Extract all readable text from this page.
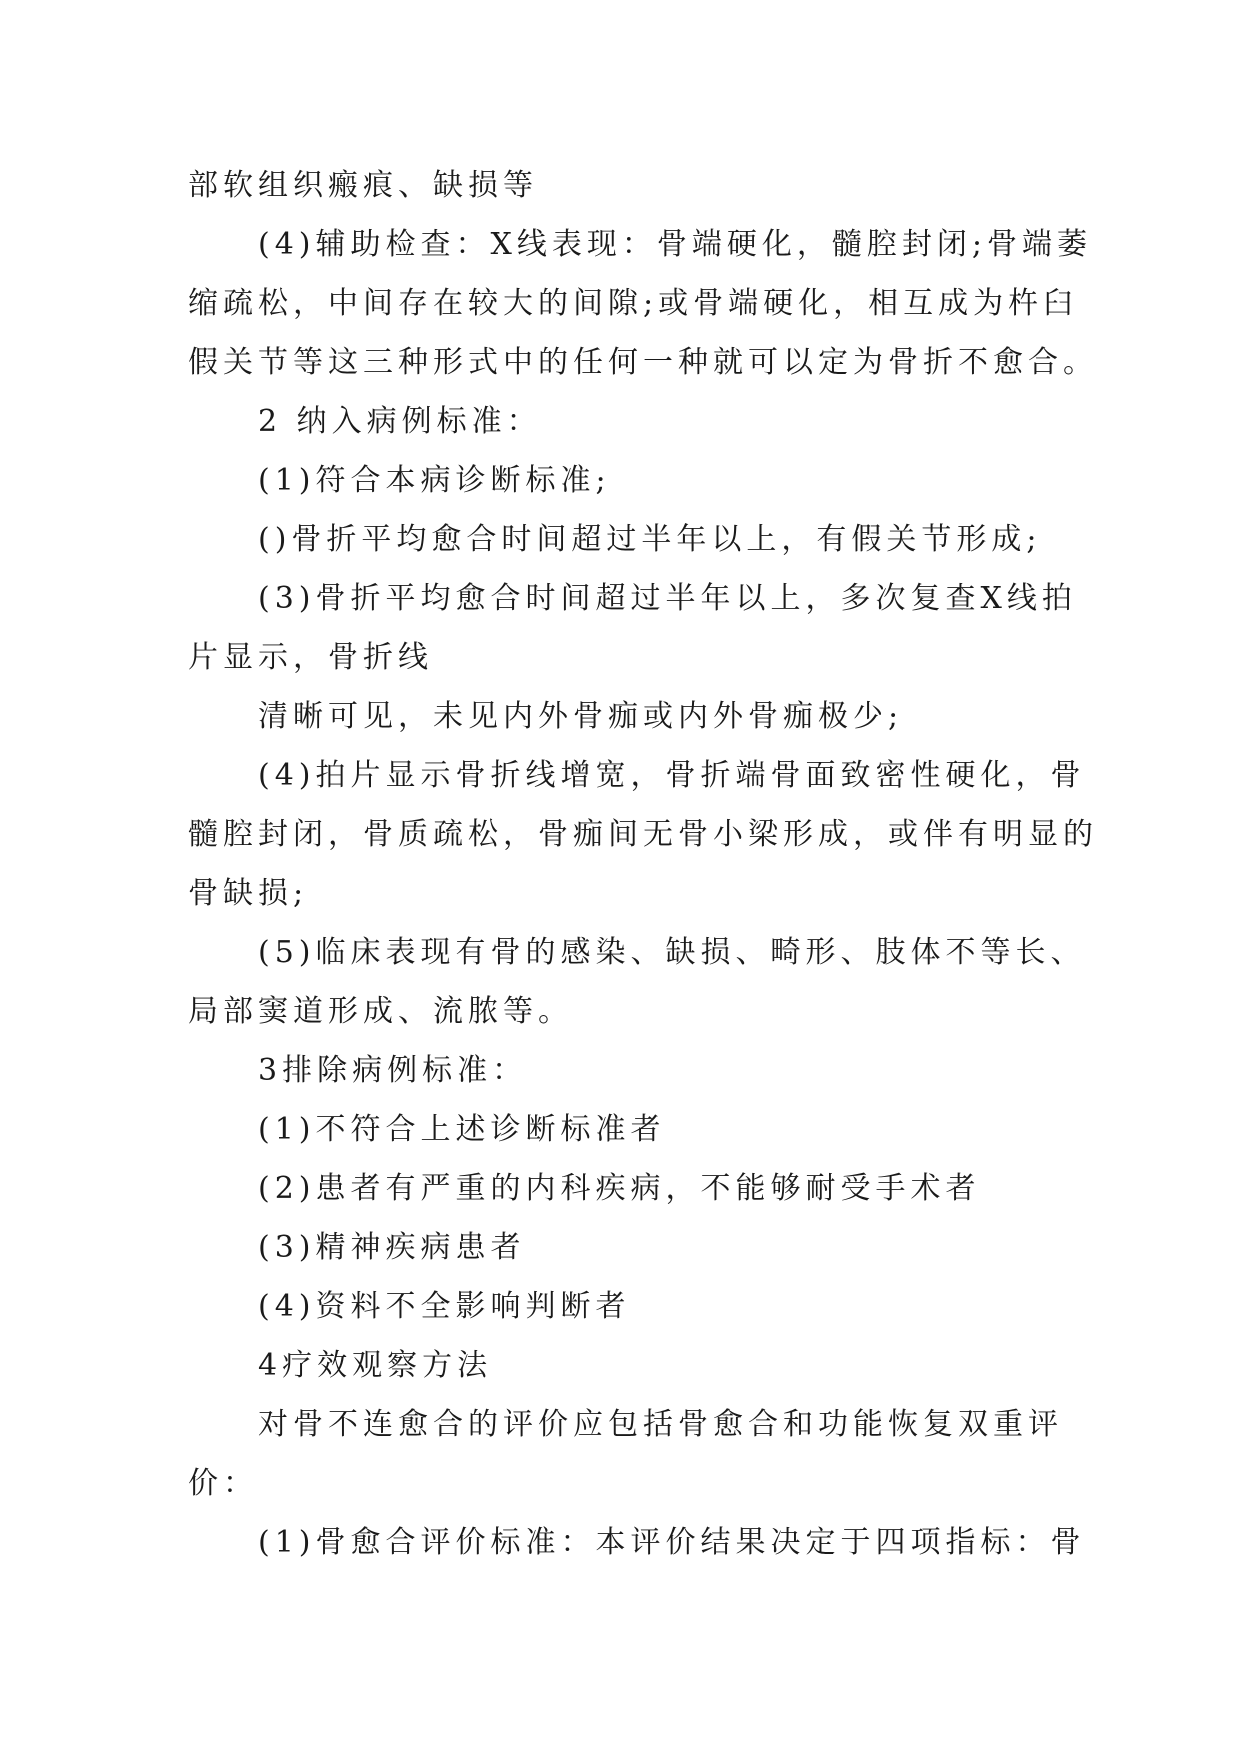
部软组织瘢痕、缺损等

(4)辅助检查：X线表现：骨端硬化，髓腔封闭;骨端萎

缩疏松，中间存在较大的间隙;或骨端硬化，相互成为杵臼

假关节等这三种形式中的任何一种就可以定为骨折不愈合。

2 纳入病例标准：

(1)符合本病诊断标准;

()骨折平均愈合时间超过半年以上，有假关节形成;

(3)骨折平均愈合时间超过半年以上，多次复查X线拍

片显示，骨折线

清晰可见，未见内外骨痂或内外骨痂极少;

(4)拍片显示骨折线增宽，骨折端骨面致密性硬化，骨

髓腔封闭，骨质疏松，骨痂间无骨小梁形成，或伴有明显的

骨缺损;

(5)临床表现有骨的感染、缺损、畸形、肢体不等长、

局部窦道形成、流脓等。

3排除病例标准：

(1)不符合上述诊断标准者

(2)患者有严重的内科疾病，不能够耐受手术者

(3)精神疾病患者

(4)资料不全影响判断者

4疗效观察方法

对骨不连愈合的评价应包括骨愈合和功能恢复双重评

价：

(1)骨愈合评价标准：本评价结果决定于四项指标：骨
